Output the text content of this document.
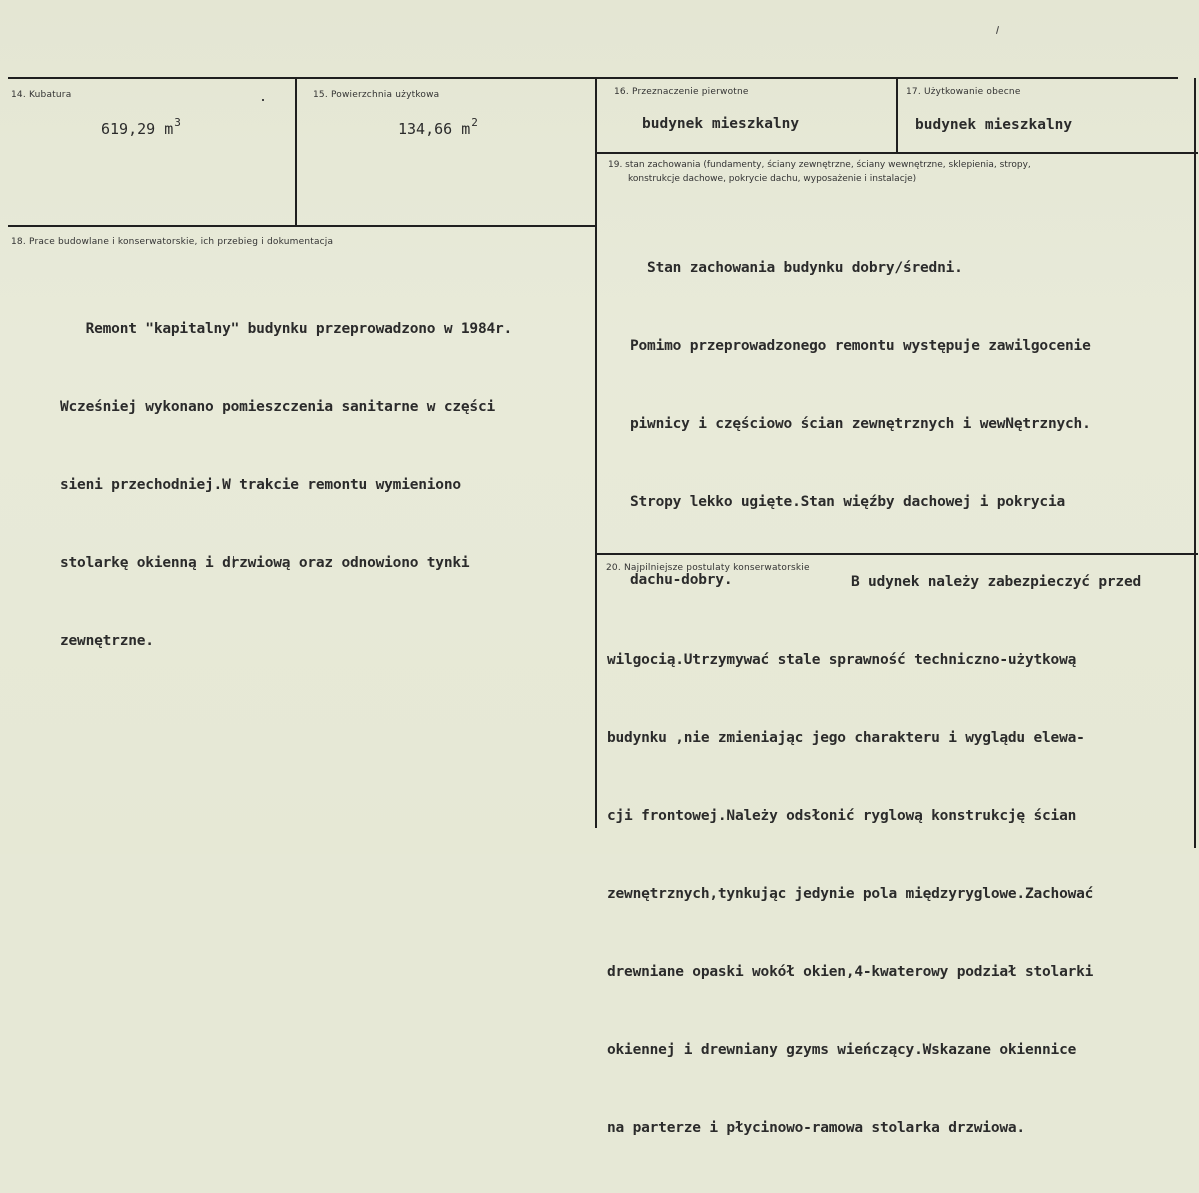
14. Kubatura
619,29 $m^3$
15. Powierzchnia użytkowa
134,66 $m^2$
16. Przeznaczenie pierwotne
budynek mieszkalny
17. Użytkowanie obecne
budynek mieszkalny
18. Prace budowlane i konserwatorskie, ich przebieg i dokumentacja

Remont "kapitalny" budynku przeprowadzono w 1984r.

Wcześniej wykonano pomieszczenia sanitarne w części

sieni przechodniej.W trakcie remontu wymieniono

stolarkę okienną i drzwiową oraz odnowiono tynki

zewnętrzne.

19. stan zachowania (fundamenty, ściany zewnętrzne, ściany wewnętrzne, sklepienia, stropy,
konstrukcje dachowe, pokrycie dachu, wyposażenie i instalacje)

Stan zachowania budynku dobry/średni.

Pomimo przeprowadzonego remontu występuje zawilgocenie

piwnicy i częściowo ścian zewnętrznych i wewNętrznych.

Stropy lekko ugięte.Stan więźby dachowej i pokrycia

dachu-dobry.

20. Najpilniejsze postulaty konserwatorskie
B udynek należy zabezpieczyć przed

wilgocią.Utrzymywać stale sprawność techniczno-użytkową

budynku ,nie zmieniając jego charakteru i wyglądu elewa-

cji frontowej.Należy odsłonić ryglową konstrukcję ścian

zewnętrznych,tynkując jedynie pola międzyryglowe.Zachować

drewniane opaski wokół okien,4-kwaterowy podział stolarki

okiennej i drewniany gzyms wieńczący.Wskazane okiennice

na parterze i płycinowo-ramowa stolarka drzwiowa.
